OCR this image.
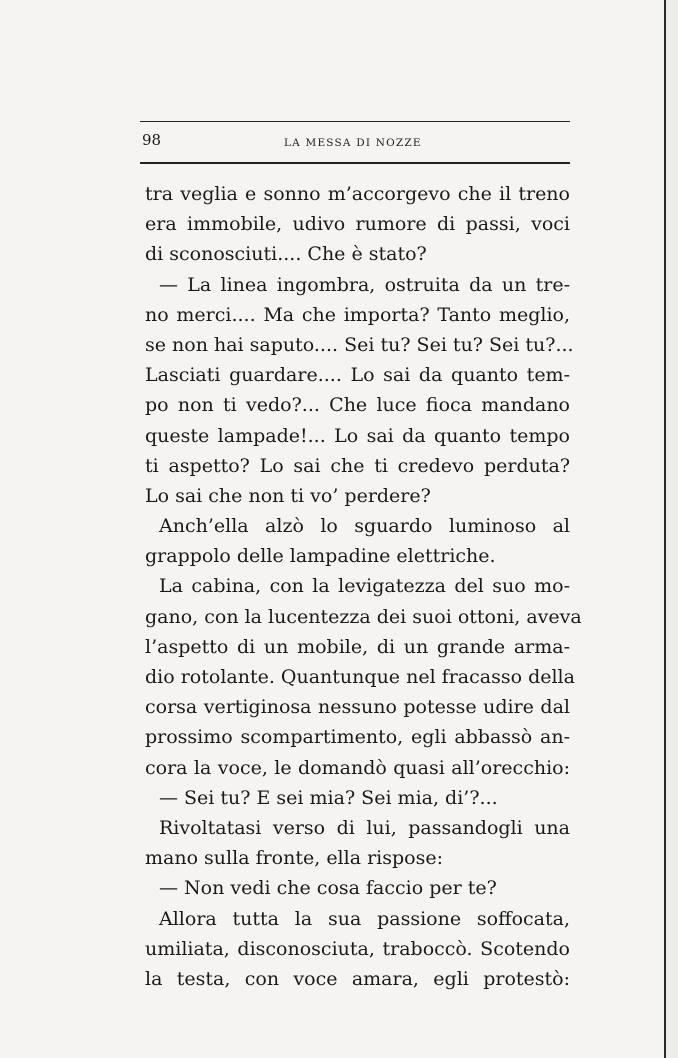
98	LA MESSA DI NOZZE
tra veglia e sonno m’accorgevo che il treno
era immobile, udivo rumore di passi, voci
di sconosciuti.... Che è stato?
— La linea ingombra, ostruita da un tre-
no merci.... Ma che importa? Tanto meglio,
se non hai saputo.... Sei tu? Sei tu? Sei tu?...
Lasciati guardare.... Lo sai da quanto tem-
po non ti vedo?... Che luce fioca mandano
queste lampade!... Lo sai da quanto tempo
ti aspetto? Lo sai che ti credevo perduta?
Lo sai che non ti vo’ perdere?
Anch’ella alzò lo sguardo luminoso al
grappolo delle lampadine elettriche.
La cabina, con la levigatezza del suo mo-
gano, con la lucentezza dei suoi ottoni, aveva
l’aspetto di un mobile, di un grande arma-
dio rotolante. Quantunque nel fracasso della
corsa vertiginosa nessuno potesse udire dal
prossimo scompartimento, egli abbassò an-
cora la voce, le domandò quasi all’orecchio:
— Sei tu? E sei mia? Sei mia, di’?...
Rivoltatasi verso di lui, passandogli una
mano sulla fronte, ella rispose:
— Non vedi che cosa faccio per te?
Allora tutta la sua passione soffocata,
umiliata, disconosciuta, traboccò. Scotendo
la testa, con voce amara, egli protestò:
